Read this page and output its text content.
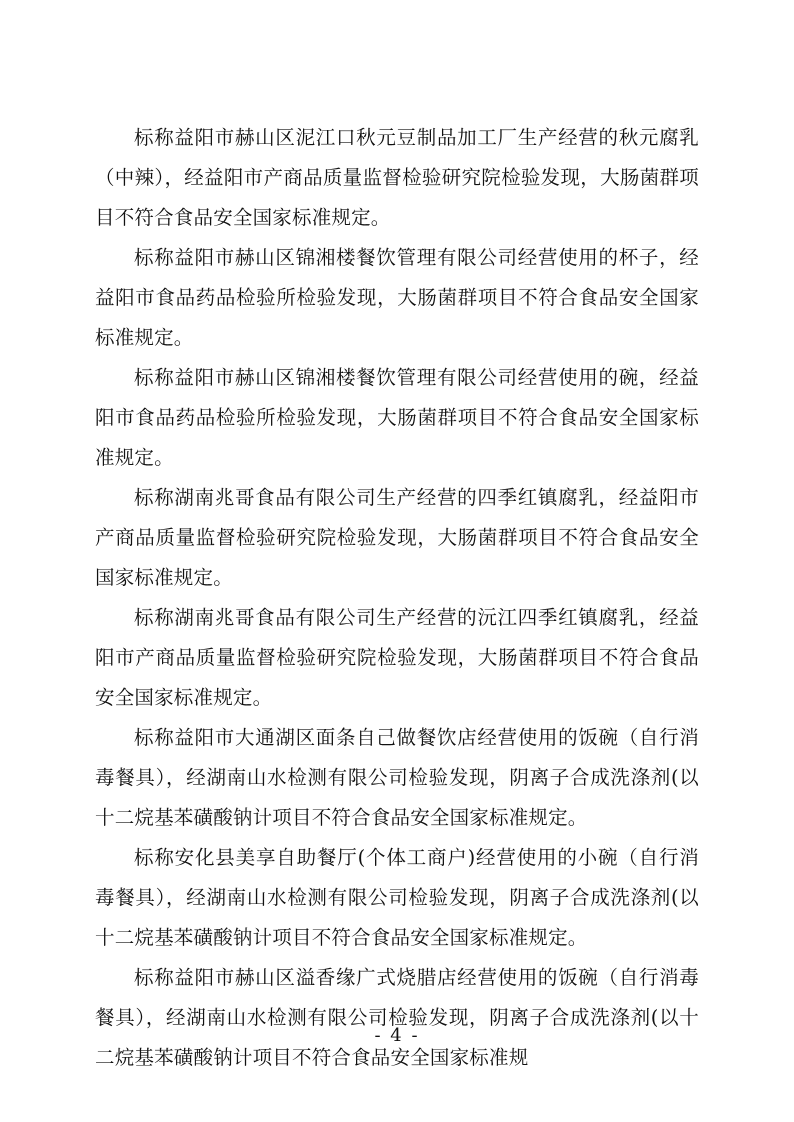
标称益阳市赫山区泥江口秋元豆制品加工厂生产经营的秋元腐乳（中辣），经益阳市产商品质量监督检验研究院检验发现，大肠菌群项目不符合食品安全国家标准规定。

标称益阳市赫山区锦湘楼餐饮管理有限公司经营使用的杯子，经益阳市食品药品检验所检验发现，大肠菌群项目不符合食品安全国家标准规定。

标称益阳市赫山区锦湘楼餐饮管理有限公司经营使用的碗，经益阳市食品药品检验所检验发现，大肠菌群项目不符合食品安全国家标准规定。

标称湖南兆哥食品有限公司生产经营的四季红镇腐乳，经益阳市产商品质量监督检验研究院检验发现，大肠菌群项目不符合食品安全国家标准规定。

标称湖南兆哥食品有限公司生产经营的沅江四季红镇腐乳，经益阳市产商品质量监督检验研究院检验发现，大肠菌群项目不符合食品安全国家标准规定。

标称益阳市大通湖区面条自己做餐饮店经营使用的饭碗（自行消毒餐具），经湖南山水检测有限公司检验发现，阴离子合成洗涤剂(以十二烷基苯磺酸钠计项目不符合食品安全国家标准规定。

标称安化县美享自助餐厅(个体工商户)经营使用的小碗（自行消毒餐具），经湖南山水检测有限公司检验发现，阴离子合成洗涤剂(以十二烷基苯磺酸钠计项目不符合食品安全国家标准规定。

标称益阳市赫山区溢香缘广式烧腊店经营使用的饭碗（自行消毒餐具），经湖南山水检测有限公司检验发现，阴离子合成洗涤剂(以十二烷基苯磺酸钠计项目不符合食品安全国家标准规

- 4 -
